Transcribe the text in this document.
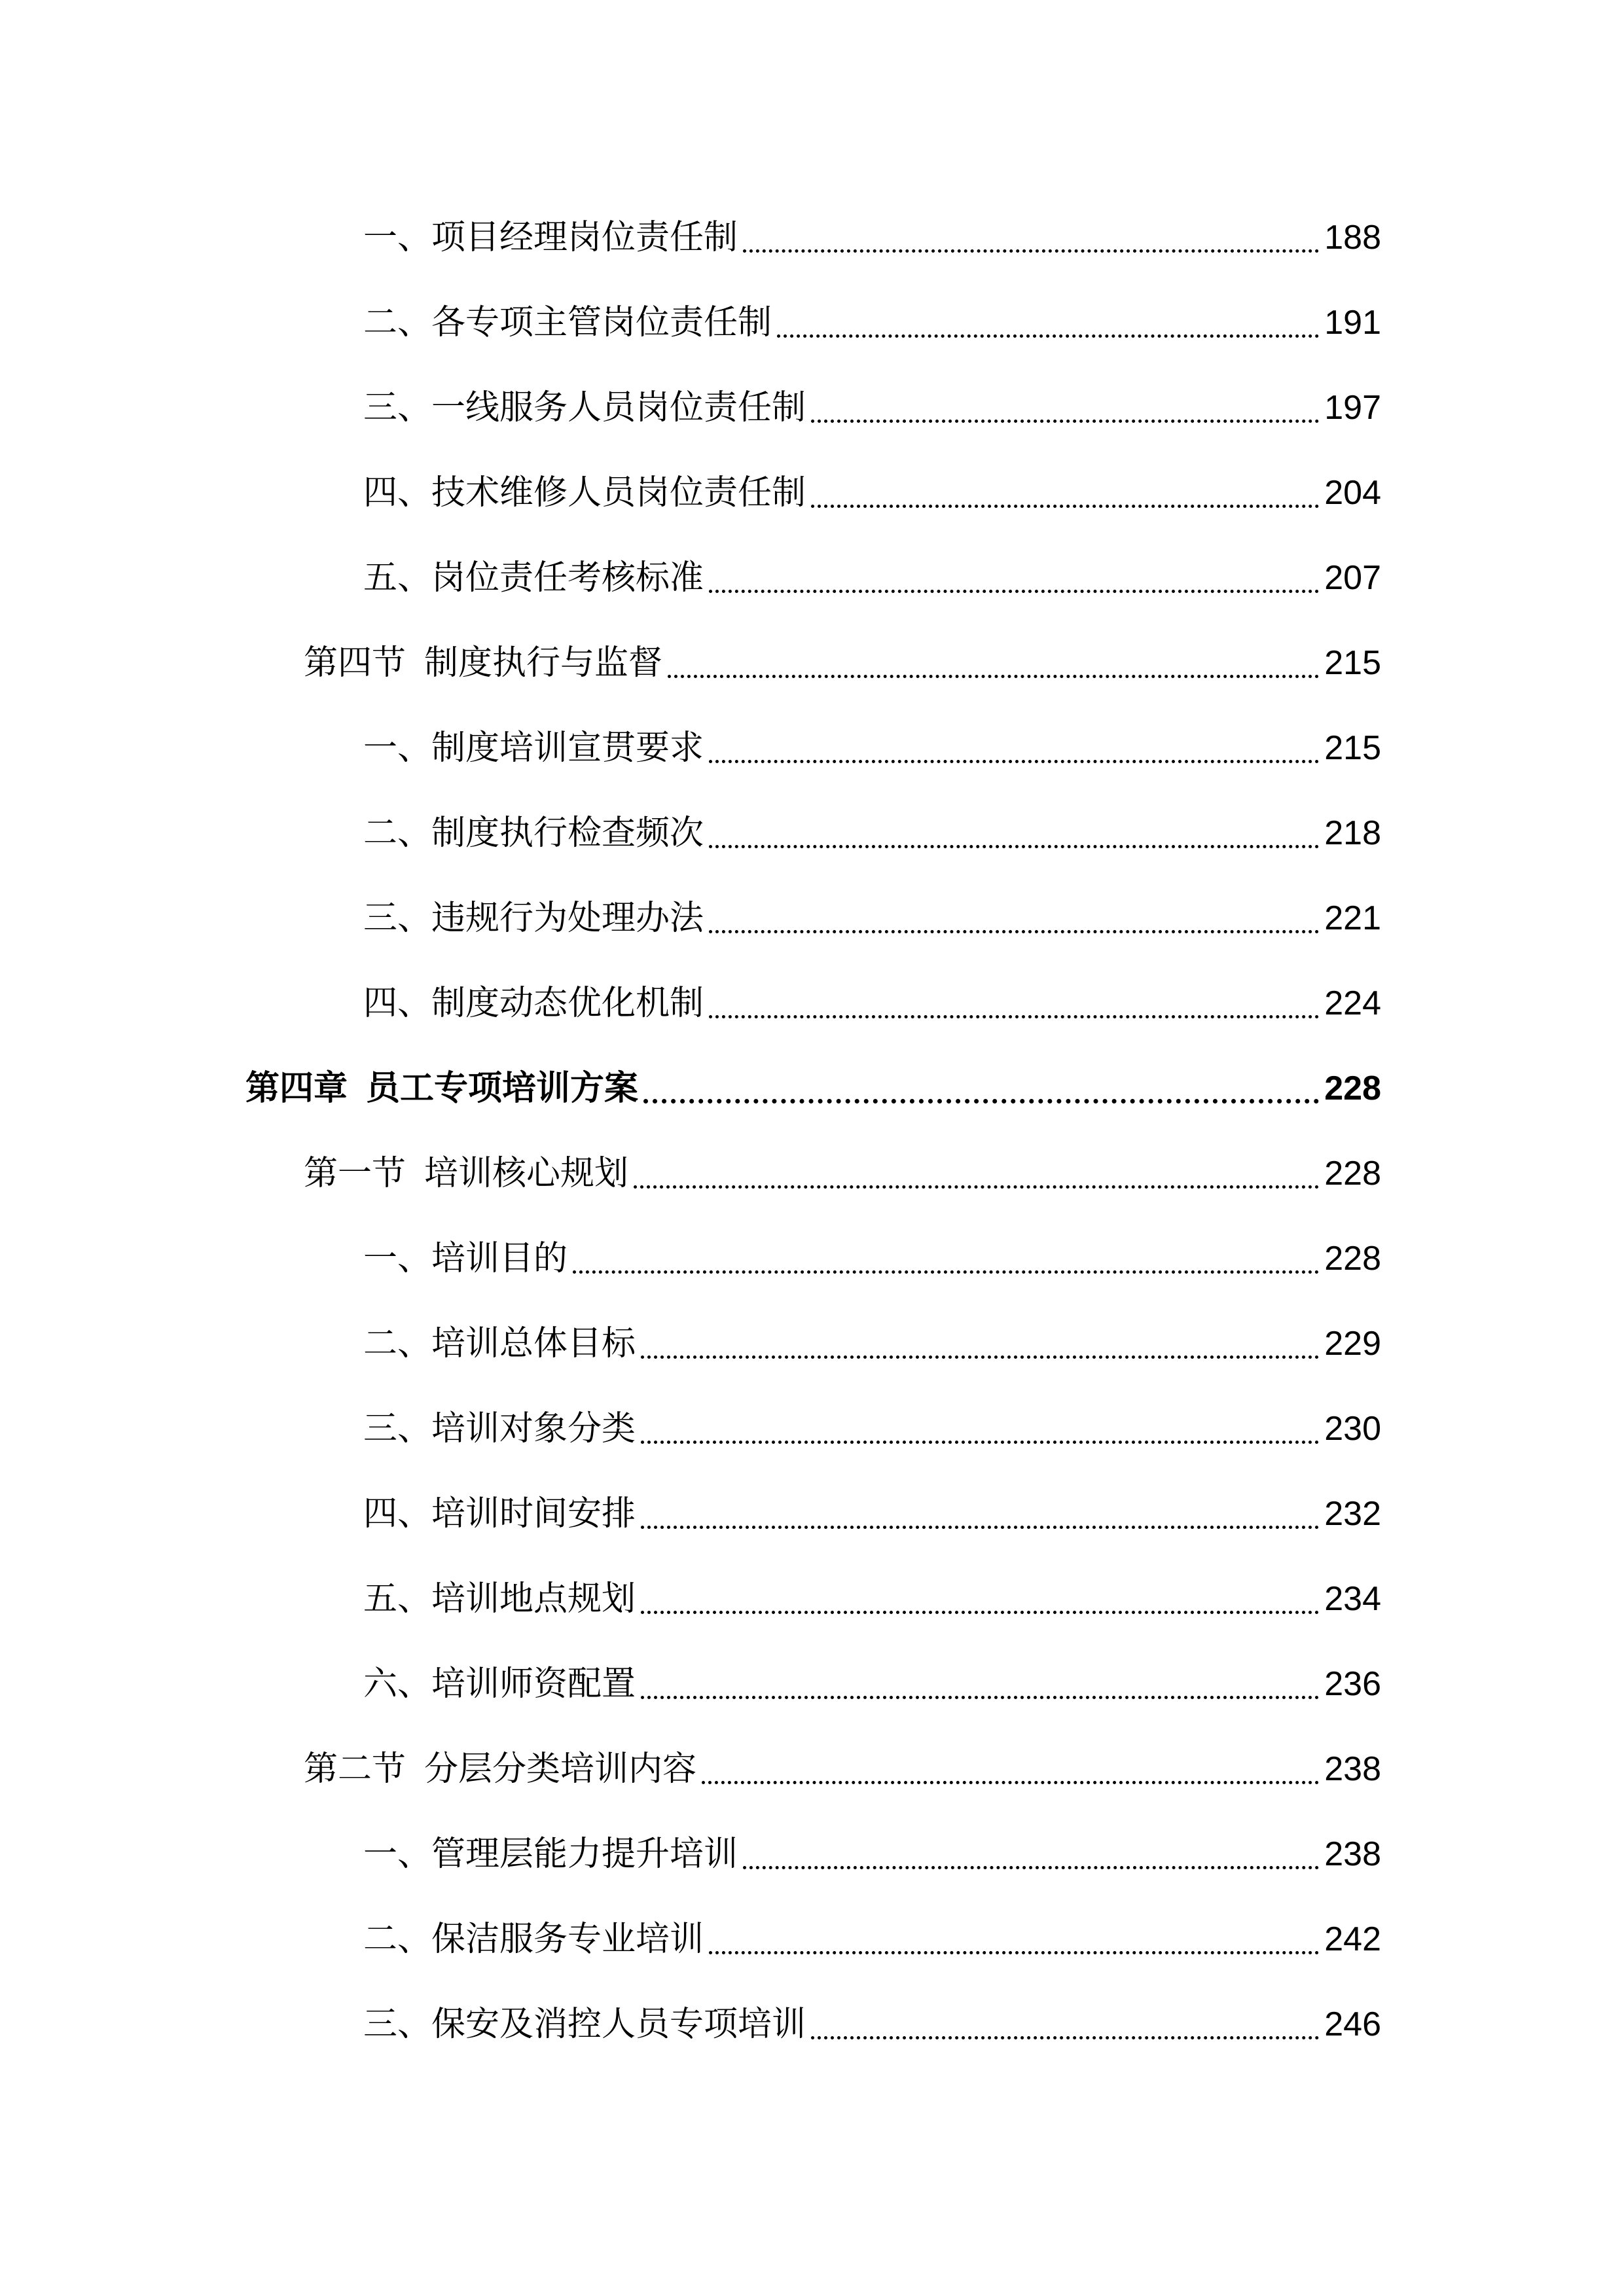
一、项目经理岗位责任制	188
二、各专项主管岗位责任制	191
三、一线服务人员岗位责任制	197
四、技术维修人员岗位责任制	204
五、岗位责任考核标准	207
第四节 制度执行与监督	215
一、制度培训宣贯要求	215
二、制度执行检查频次	218
三、违规行为处理办法	221
四、制度动态优化机制	224
第四章 员工专项培训方案	228
第一节 培训核心规划	228
一、培训目的	228
二、培训总体目标	229
三、培训对象分类	230
四、培训时间安排	232
五、培训地点规划	234
六、培训师资配置	236
第二节 分层分类培训内容	238
一、管理层能力提升培训	238
二、保洁服务专业培训	242
三、保安及消控人员专项培训	246
